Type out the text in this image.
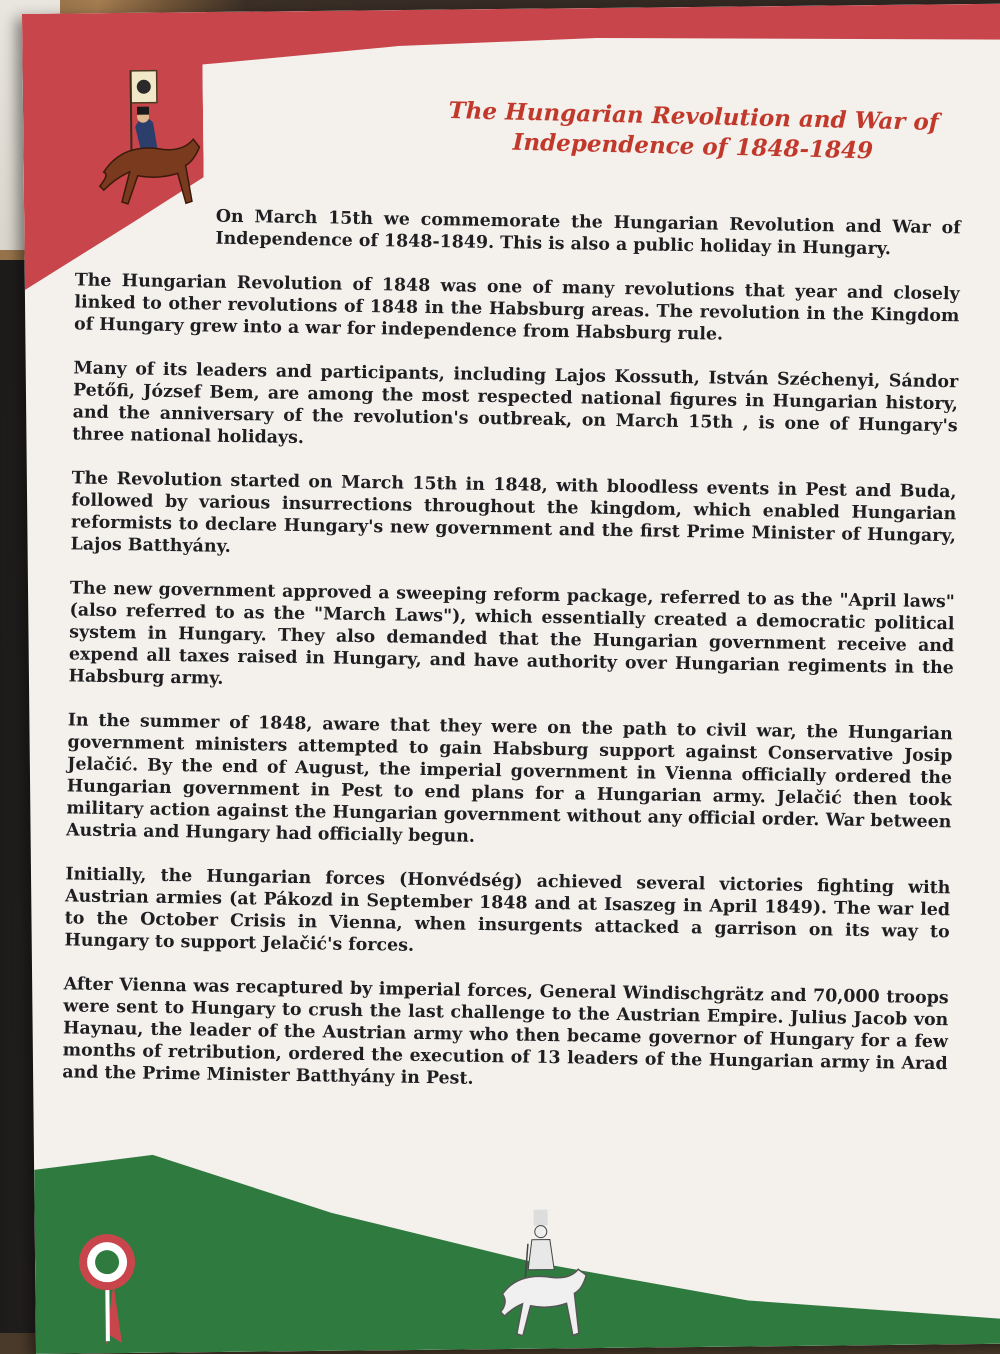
The Hungarian Revolution and War of
Independence of 1848-1849

On March 15th we commemorate the Hungarian Revolution and War of Independence of 1848-1849. This is also a public holiday in Hungary.

The Hungarian Revolution of 1848 was one of many revolutions that year and closely linked to other revolutions of 1848 in the Habsburg areas. The revolution in the Kingdom of Hungary grew into a war for independence from Habsburg rule.

Many of its leaders and participants, including Lajos Kossuth, István Széchenyi, Sándor Petőfi, József Bem, are among the most respected national figures in Hungarian history, and the anniversary of the revolution's outbreak, on March 15th , is one of Hungary's three national holidays.

The Revolution started on March 15th in 1848, with bloodless events in Pest and Buda, followed by various insurrections throughout the kingdom, which enabled Hungarian reformists to declare Hungary's new government and the first Prime Minister of Hungary, Lajos Batthyány.

The new government approved a sweeping reform package, referred to as the "April laws" (also referred to as the "March Laws"), which essentially created a democratic political system in Hungary. They also demanded that the Hungarian government receive and expend all taxes raised in Hungary, and have authority over Hungarian regiments in the Habsburg army.

In the summer of 1848, aware that they were on the path to civil war, the Hungarian government ministers attempted to gain Habsburg support against Conservative Josip Jelačić. By the end of August, the imperial government in Vienna officially ordered the Hungarian government in Pest to end plans for a Hungarian army. Jelačić then took military action against the Hungarian government without any official order. War between Austria and Hungary had officially begun.

Initially, the Hungarian forces (Honvédség) achieved several victories fighting with Austrian armies (at Pákozd in September 1848 and at Isaszeg in April 1849). The war led to the October Crisis in Vienna, when insurgents attacked a garrison on its way to Hungary to support Jelačić's forces.

After Vienna was recaptured by imperial forces, General Windischgrätz and 70,000 troops were sent to Hungary to crush the last challenge to the Austrian Empire. Julius Jacob von Haynau, the leader of the Austrian army who then became governor of Hungary for a few months of retribution, ordered the execution of 13 leaders of the Hungarian army in Arad and the Prime Minister Batthyány in Pest.
